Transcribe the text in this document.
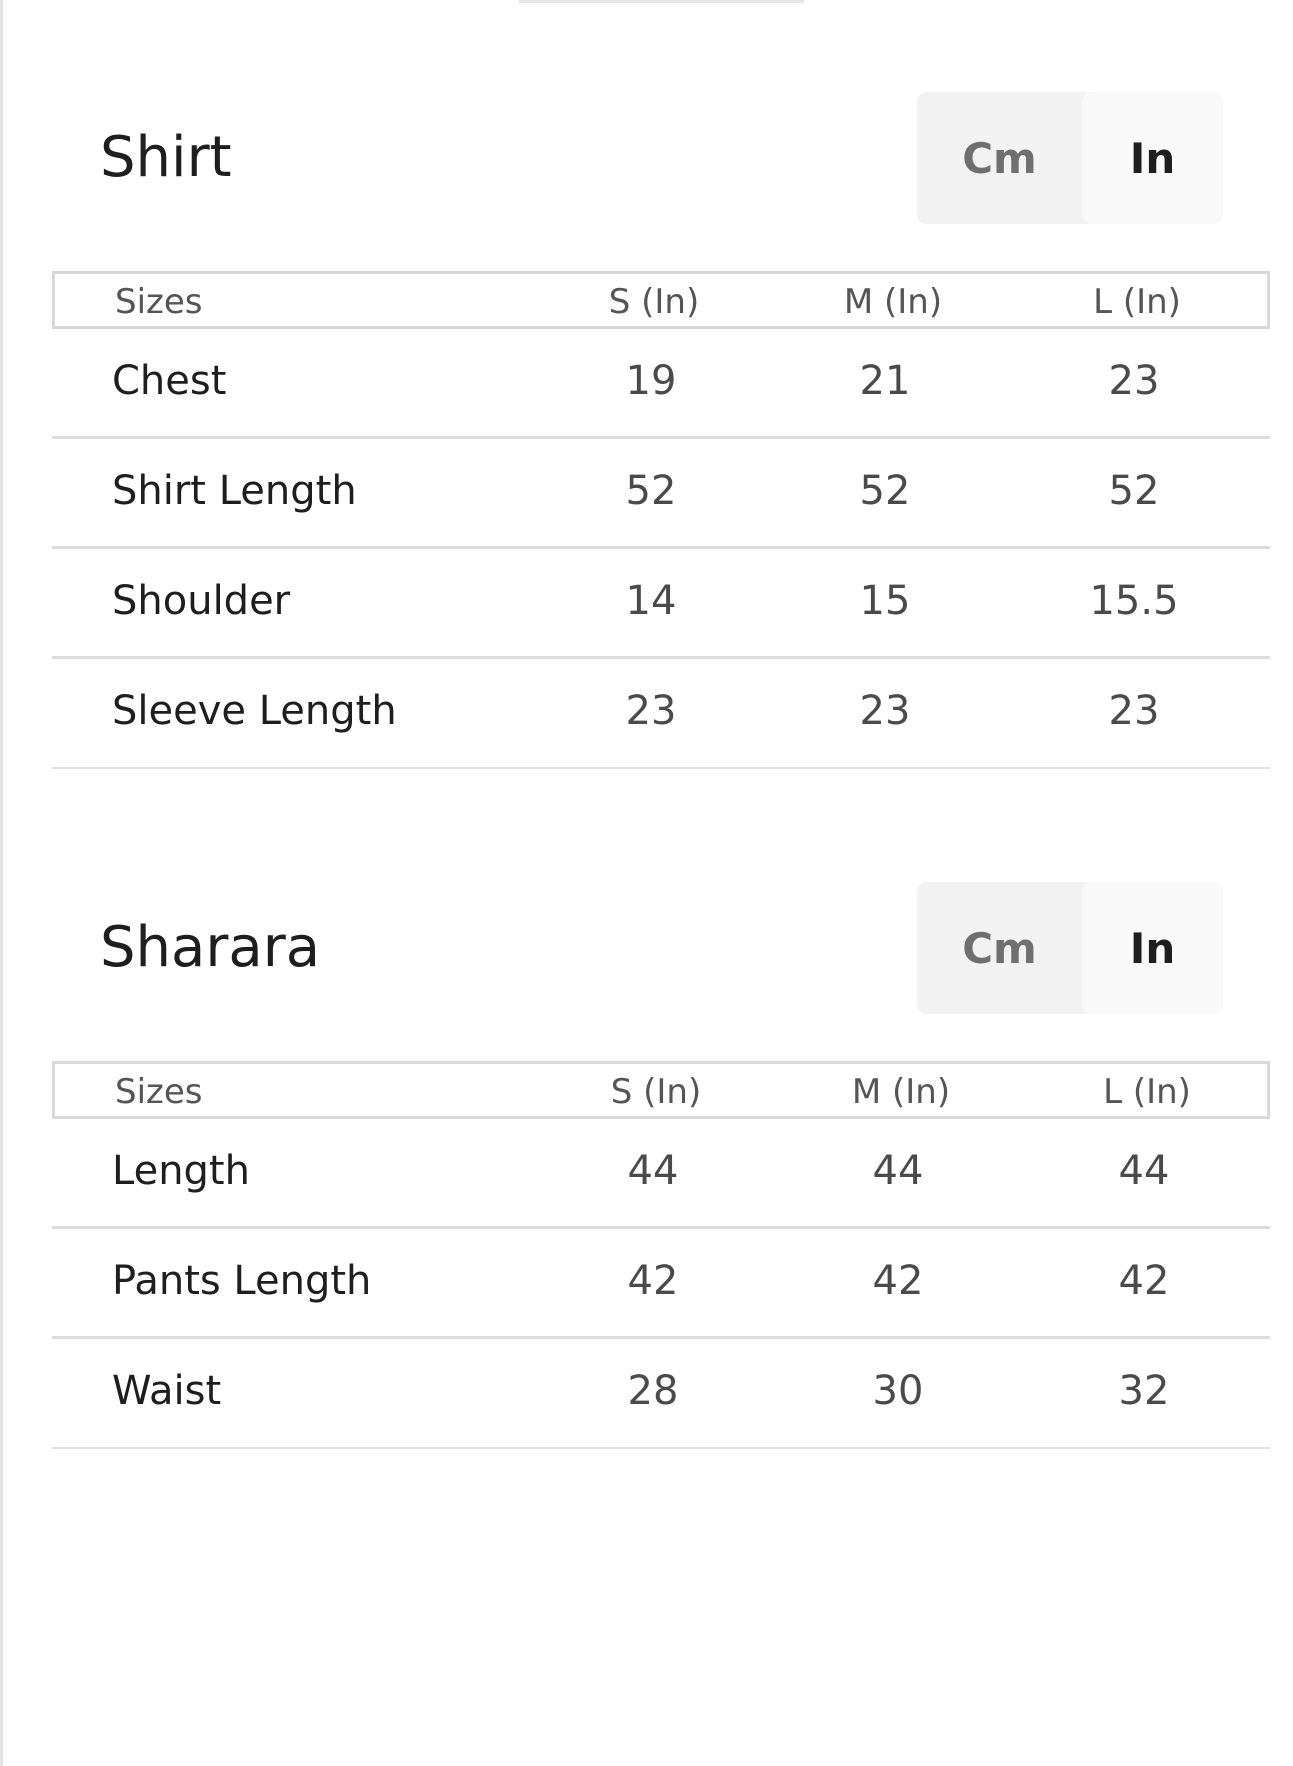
Shirt	Cm	In
Sizes	S (In)	M (In)	L (In)
Chest	19	21	23
Shirt Length	52	52	52
Shoulder	14	15	15.5
Sleeve Length	23	23	23
Sharara	Cm	In
Sizes	S (In)	M (In)	L (In)
Length	44	44	44
Pants Length	42	42	42
Waist	28	30	32
